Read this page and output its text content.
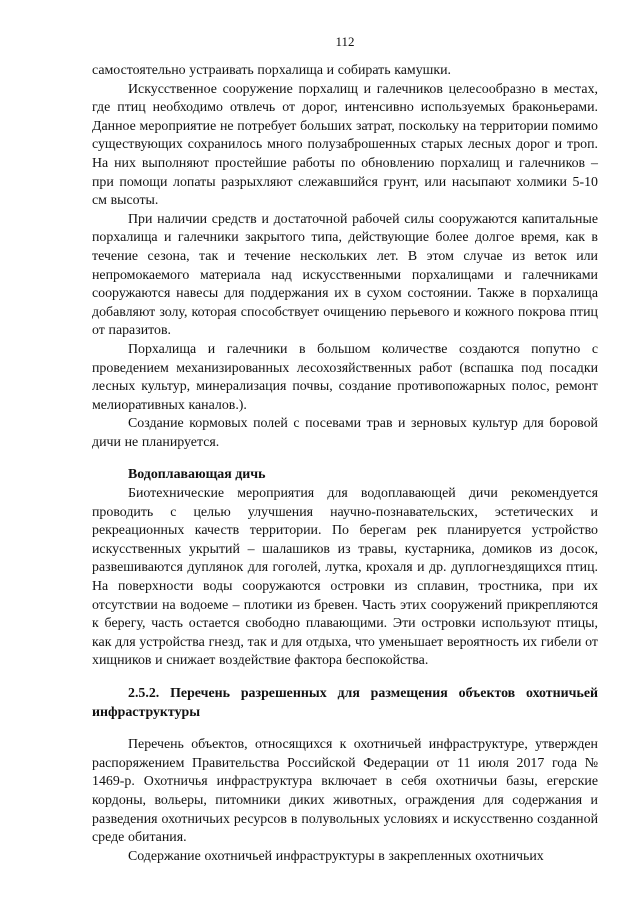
112

самостоятельно устраивать порхалища и собирать камушки.

Искусственное сооружение порхалищ и галечников целесообразно в местах, где птиц необходимо отвлечь от дорог, интенсивно используемых браконьерами. Данное мероприятие не потребует больших затрат, поскольку на территории помимо существующих сохранилось много полузаброшенных старых лесных дорог и троп. На них выполняют простейшие работы по обновлению порхалищ и галечников – при помощи лопаты разрыхляют слежавшийся грунт, или насыпают холмики 5-10 см высоты.

При наличии средств и достаточной рабочей силы сооружаются капитальные порхалища и галечники закрытого типа, действующие более долгое время, как в течение сезона, так и течение нескольких лет. В этом случае из веток или непромокаемого материала над искусственными порхалищами и галечниками сооружаются навесы для поддержания их в сухом состоянии. Также в порхалища добавляют золу, которая способствует очищению перьевого и кожного покрова птиц от паразитов.

Порхалища и галечники в большом количестве создаются попутно с проведением механизированных лесохозяйственных работ (вспашка под посадки лесных культур, минерализация почвы, создание противопожарных полос, ремонт мелиоративных каналов.).

Создание кормовых полей с посевами трав и зерновых культур для боровой дичи не планируется.

Водоплавающая дичь

Биотехнические мероприятия для водоплавающей дичи рекомендуется проводить с целью улучшения научно-познавательских, эстетических и рекреационных качеств территории. По берегам рек планируется устройство искусственных укрытий – шалашиков из травы, кустарника, домиков из досок, развешиваются дуплянок для гоголей, лутка, крохаля и др. дуплогнездящихся птиц. На поверхности воды сооружаются островки из сплавин, тростника, при их отсутствии на водоеме – плотики из бревен. Часть этих сооружений прикрепляются к берегу, часть остается свободно плавающими. Эти островки используют птицы, как для устройства гнезд, так и для отдыха, что уменьшает вероятность их гибели от хищников и снижает воздействие фактора беспокойства.

2.5.2. Перечень разрешенных для размещения объектов охотничьей инфраструктуры

Перечень объектов, относящихся к охотничьей инфраструктуре, утвержден распоряжением Правительства Российской Федерации от 11 июля 2017 года № 1469-р. Охотничья инфраструктура включает в себя охотничьи базы, егерские кордоны, вольеры, питомники диких животных, ограждения для содержания и разведения охотничьих ресурсов в полувольных условиях и искусственно созданной среде обитания.

Содержание охотничьей инфраструктуры в закрепленных охотничьих
